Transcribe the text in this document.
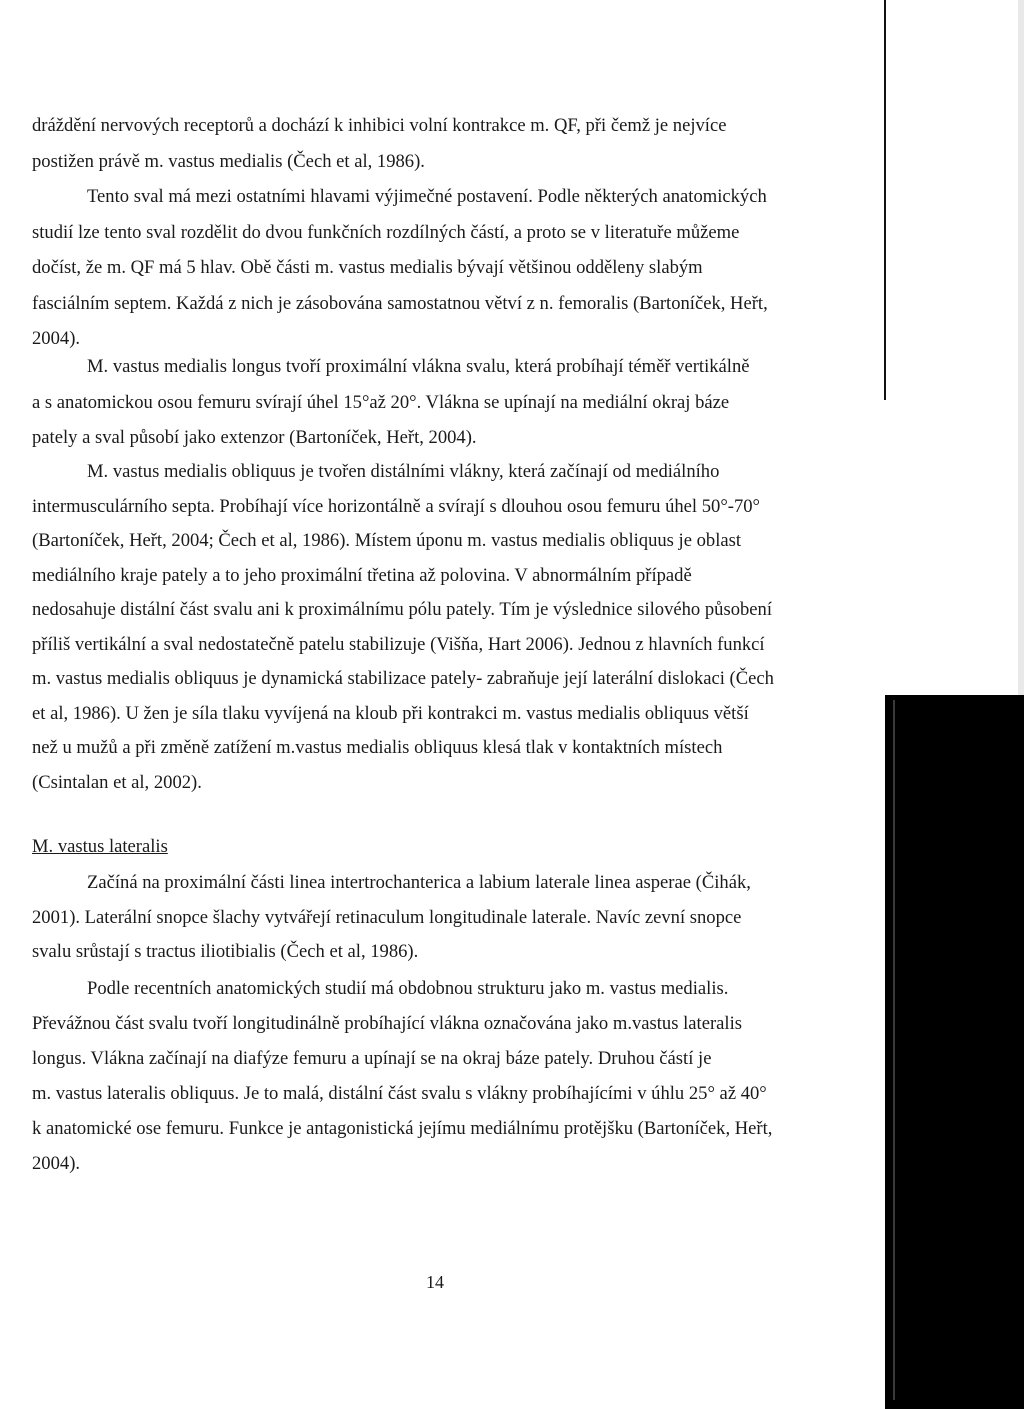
dráždění nervových receptorů a dochází k inhibici volní kontrakce m. QF, při čemž je nejvíce
postižen právě m. vastus medialis (Čech et al, 1986).

Tento sval má mezi ostatními hlavami výjimečné postavení. Podle některých anatomických
studií lze tento sval rozdělit do dvou funkčních rozdílných částí, a proto se v literatuře můžeme
dočíst, že m. QF má 5 hlav. Obě části m. vastus medialis bývají většinou odděleny slabým
fasciálním septem. Každá z nich je zásobována samostatnou větví z n. femoralis (Bartoníček, Heřt,
2004).

M. vastus medialis longus tvoří proximální vlákna svalu, která probíhají téměř vertikálně
a s anatomickou osou femuru svírají úhel 15°až 20°. Vlákna se upínají na mediální okraj báze
pately a sval působí jako extenzor (Bartoníček, Heřt, 2004).

M. vastus medialis obliquus je tvořen distálními vlákny, která začínají od mediálního
intermusculárního septa. Probíhají více horizontálně a svírají s dlouhou osou femuru úhel 50°-70°
(Bartoníček, Heřt, 2004; Čech et al, 1986). Místem úponu m. vastus medialis obliquus je oblast
mediálního kraje pately a to jeho proximální třetina až polovina. V abnormálním případě
nedosahuje distální část svalu ani k proximálnímu pólu pately. Tím je výslednice silového působení
příliš vertikální a sval nedostatečně patelu stabilizuje (Višňa, Hart 2006). Jednou z hlavních funkcí
m. vastus medialis obliquus je dynamická stabilizace pately- zabraňuje její laterální dislokaci (Čech
et al, 1986). U žen je síla tlaku vyvíjená na kloub při kontrakci m. vastus medialis obliquus větší
než u mužů a při změně zatížení m.vastus medialis obliquus klesá tlak v kontaktních místech
(Csintalan et al, 2002).

M. vastus lateralis

Začíná na proximální části linea intertrochanterica a labium laterale linea asperae (Čihák,
2001). Laterální snopce šlachy vytvářejí retinaculum longitudinale laterale. Navíc zevní snopce
svalu srůstají s tractus iliotibialis (Čech et al, 1986).

Podle recentních anatomických studií má obdobnou strukturu jako m. vastus medialis.
Převážnou část svalu tvoří longitudinálně probíhající vlákna označována jako m.vastus lateralis
longus. Vlákna začínají na diafýze femuru a upínají se na okraj báze pately. Druhou částí je
m. vastus lateralis obliquus. Je to malá, distální část svalu s vlákny probíhajícími v úhlu 25° až 40°
k anatomické ose femuru. Funkce je antagonistická jejímu mediálnímu protějšku (Bartoníček, Heřt,
2004).

14
